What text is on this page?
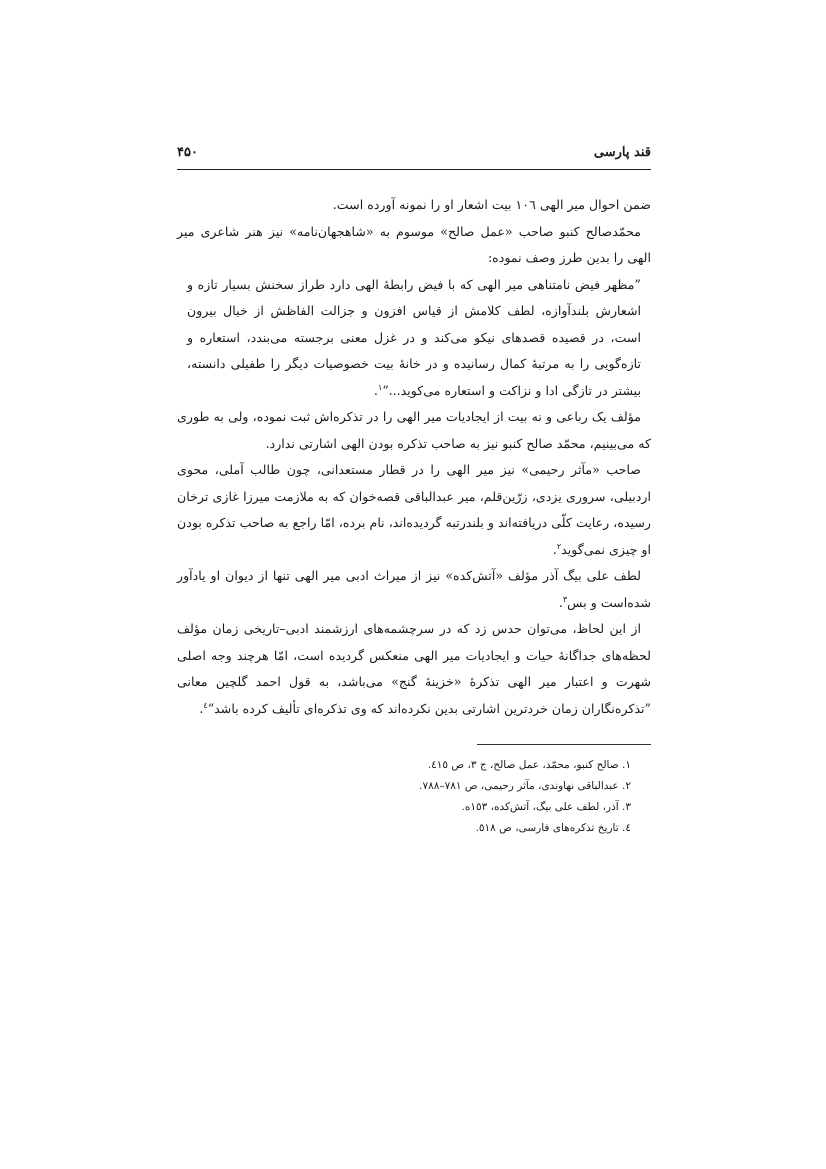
قند پارسی
۴۵۰

ضمن احوال میر الهی ۱۰٦ بیت اشعار او را نمونه آورده است.

محمّدصالح کنبو صاحب «عمل صالح» موسوم به «شاهجهان‌نامه» نیز هنر شاعری میر الهی را بدین طرز وصف نموده:

”مظهر فیض نامتناهی میر الهی که با فیض رابطهٔ الهی دارد طراز سخنش بسیار تازه و اشعارش بلندآوازه، لطف کلامش از قیاس افزون و جزالت الفاظش از خیال بیرون است، در قصیده قصدهای نیکو می‌کند و در غزل معنی برجسته می‌بندد، استعاره و تازه‌گویی را به مرتبهٔ کمال رسانیده و در خانهٔ بیت خصوصیات دیگر را طفیلی دانسته، بیشتر در تازگی ادا و نزاکت و استعاره می‌کوید...“$^١$.

مؤلف یک رباعی و نه بیت از ایجادیات میر الهی را در تذکره‌اش ثبت نموده، ولی به طوری که می‌بینیم، محمّد صالح کنبو نیز به صاحب تذکره بودن الهی اشارتی ندارد.

صاحب «مآثر رحیمی» نیز میر الهی را در قطار مستعدانی، چون طالب آملی، محوی اردبیلی، سروری یزدی، زرّین‌قلم، میر عبدالباقی قصه‌خوان که به ملازمت میرزا غازی ترخان رسیده، رعایت کلّی دریافته‌اند و بلندرتبه گردیده‌اند، نام برده، امّا راجع به صاحب تذکره بودن او چیزی نمی‌گوید$^٢$.

لطف علی بیگ آذر مؤلف «آتش‌کده» نیز از میراث ادبی میر الهی تنها از دیوان او یادآور شده‌است و بس$^٣$.

از این لحاظ، می‌توان حدس زد که در سرچشمه‌های ارزشمند ادبی–تاریخی زمان مؤلف لحظه‌های جداگانهٔ حیات و ایجادیات میر الهی منعکس گردیده است، امّا هرچند وجه اصلی شهرت و اعتبار میر الهی تذکرهٔ «خزینهٔ گنج» می‌باشد، به قول احمد گلچین معانی ”تذکره‌نگاران زمان خردترین اشارتی بدین نکرده‌اند که وی تذکره‌ای تألیف کرده باشد“$^٤$.

١. صالح کنبو، محمّد، عمل صالح، ج ٣، ص ٤١٥.
٢. عبدالباقی نهاوندی، مآثر رحیمی، ص ٧٨١–٧٨٨.
٣. آذر، لطف علی بیگ، آتش‌کده، ١٥٣ه.
٤. تاریخ تذکره‌های فارسی، ص ٥١٨.
